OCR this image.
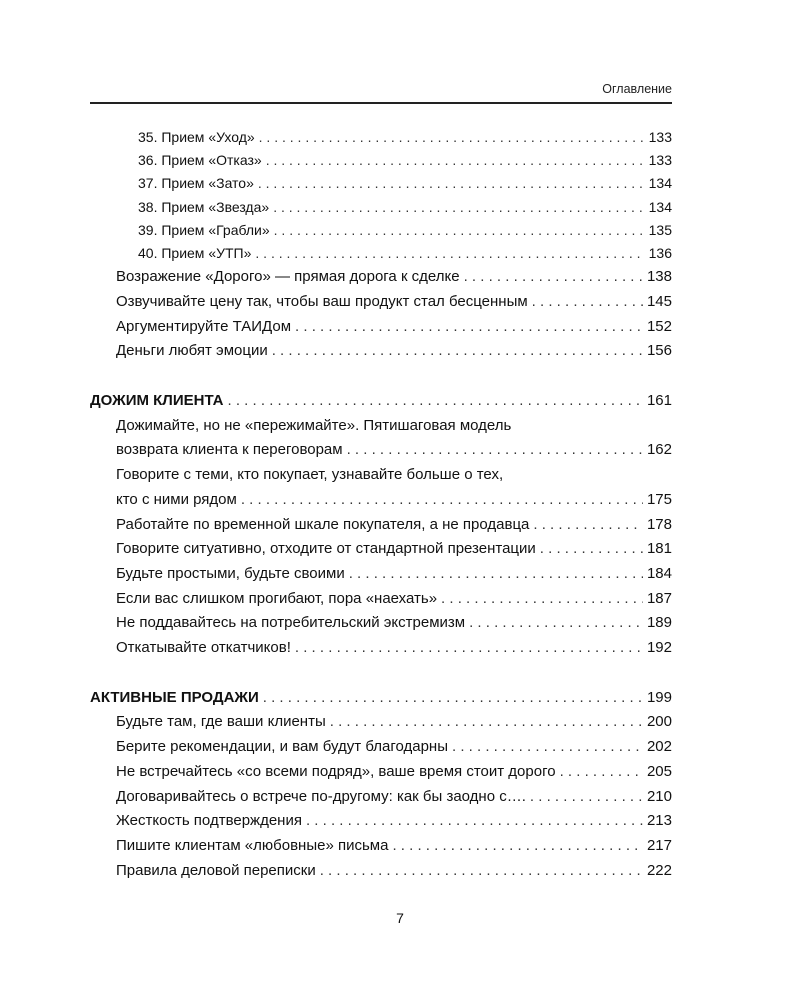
Оглавление
35. Прием «Уход» . . .	133
36. Прием «Отказ» . . .	133
37. Прием «Зато» . . .	134
38. Прием «Звезда» . . .	134
39. Прием «Грабли» . . .	135
40. Прием «УТП» . . .	136
Возражение «Дорого» — прямая дорога к сделке . . .	138
Озвучивайте цену так, чтобы ваш продукт стал бесценным . . .	145
Аргументируйте ТАИДом . . .	152
Деньги любят эмоции . . .	156
ДОЖИМ КЛИЕНТА . . .	161
Дожимайте, но не «пережимайте». Пятишаговая модель
возврата клиента к переговорам . . .	162
Говорите с теми, кто покупает, узнавайте больше о тех,
кто с ними рядом . . .	175
Работайте по временной шкале покупателя, а не продавца . . .	178
Говорите ситуативно, отходите от стандартной презентации . . .	181
Будьте простыми, будьте своими . . .	184
Если вас слишком прогибают, пора «наехать» . . .	187
Не поддавайтесь на потребительский экстремизм . . .	189
Откатывайте откатчиков! . . .	192
АКТИВНЫЕ ПРОДАЖИ . . .	199
Будьте там, где ваши клиенты . . .	200
Берите рекомендации, и вам будут благодарны . . .	202
Не встречайтесь «со всеми подряд», ваше время стоит дорого . . .	205
Договаривайтесь о встрече по-другому: как бы заодно с…. . . .	210
Жесткость подтверждения . . .	213
Пишите клиентам «любовные» письма . . .	217
Правила деловой переписки . . .	222
7
